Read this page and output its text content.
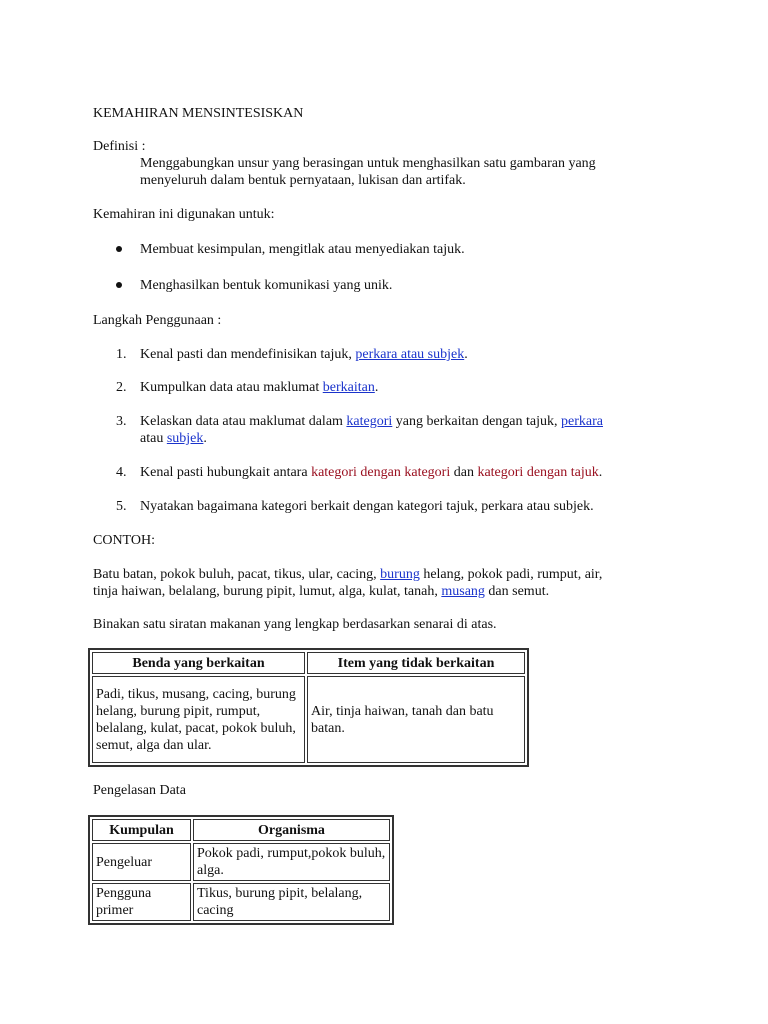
KEMAHIRAN MENSINTESISKAN
Definisi :
Menggabungkan unsur yang berasingan untuk menghasilkan satu gambaran yang
menyeluruh dalam bentuk pernyataan, lukisan dan artifak.
Kemahiran ini digunakan untuk:
Membuat kesimpulan, mengitlak atau menyediakan tajuk.
Menghasilkan bentuk komunikasi yang unik.
Langkah Penggunaan :
1. Kenal pasti dan mendefinisikan tajuk, perkara atau subjek.
2. Kumpulkan data atau maklumat berkaitan.
3. Kelaskan data atau maklumat dalam kategori yang berkaitan dengan tajuk, perkara
atau subjek.
4. Kenal pasti hubungkait antara kategori dengan kategori dan kategori dengan tajuk.
5. Nyatakan bagaimana kategori berkait dengan kategori tajuk, perkara atau subjek.
CONTOH:
Batu batan, pokok buluh, pacat, tikus, ular, cacing, burung helang, pokok padi, rumput, air,
tinja haiwan, belalang, burung pipit, lumut, alga, kulat, tanah, musang dan semut.
Binakan satu siratan makanan yang lengkap berdasarkan senarai di atas.
Benda yang berkaitan	Item yang tidak berkaitan
Padi, tikus, musang, cacing, burung helang, burung pipit, rumput, belalang, kulat, pacat, pokok buluh, semut, alga dan ular.	Air, tinja haiwan, tanah dan batu batan.
Pengelasan Data
Kumpulan	Organisma
Pengeluar	Pokok padi, rumput,pokok buluh, alga.
Pengguna primer	Tikus, burung pipit, belalang, cacing
